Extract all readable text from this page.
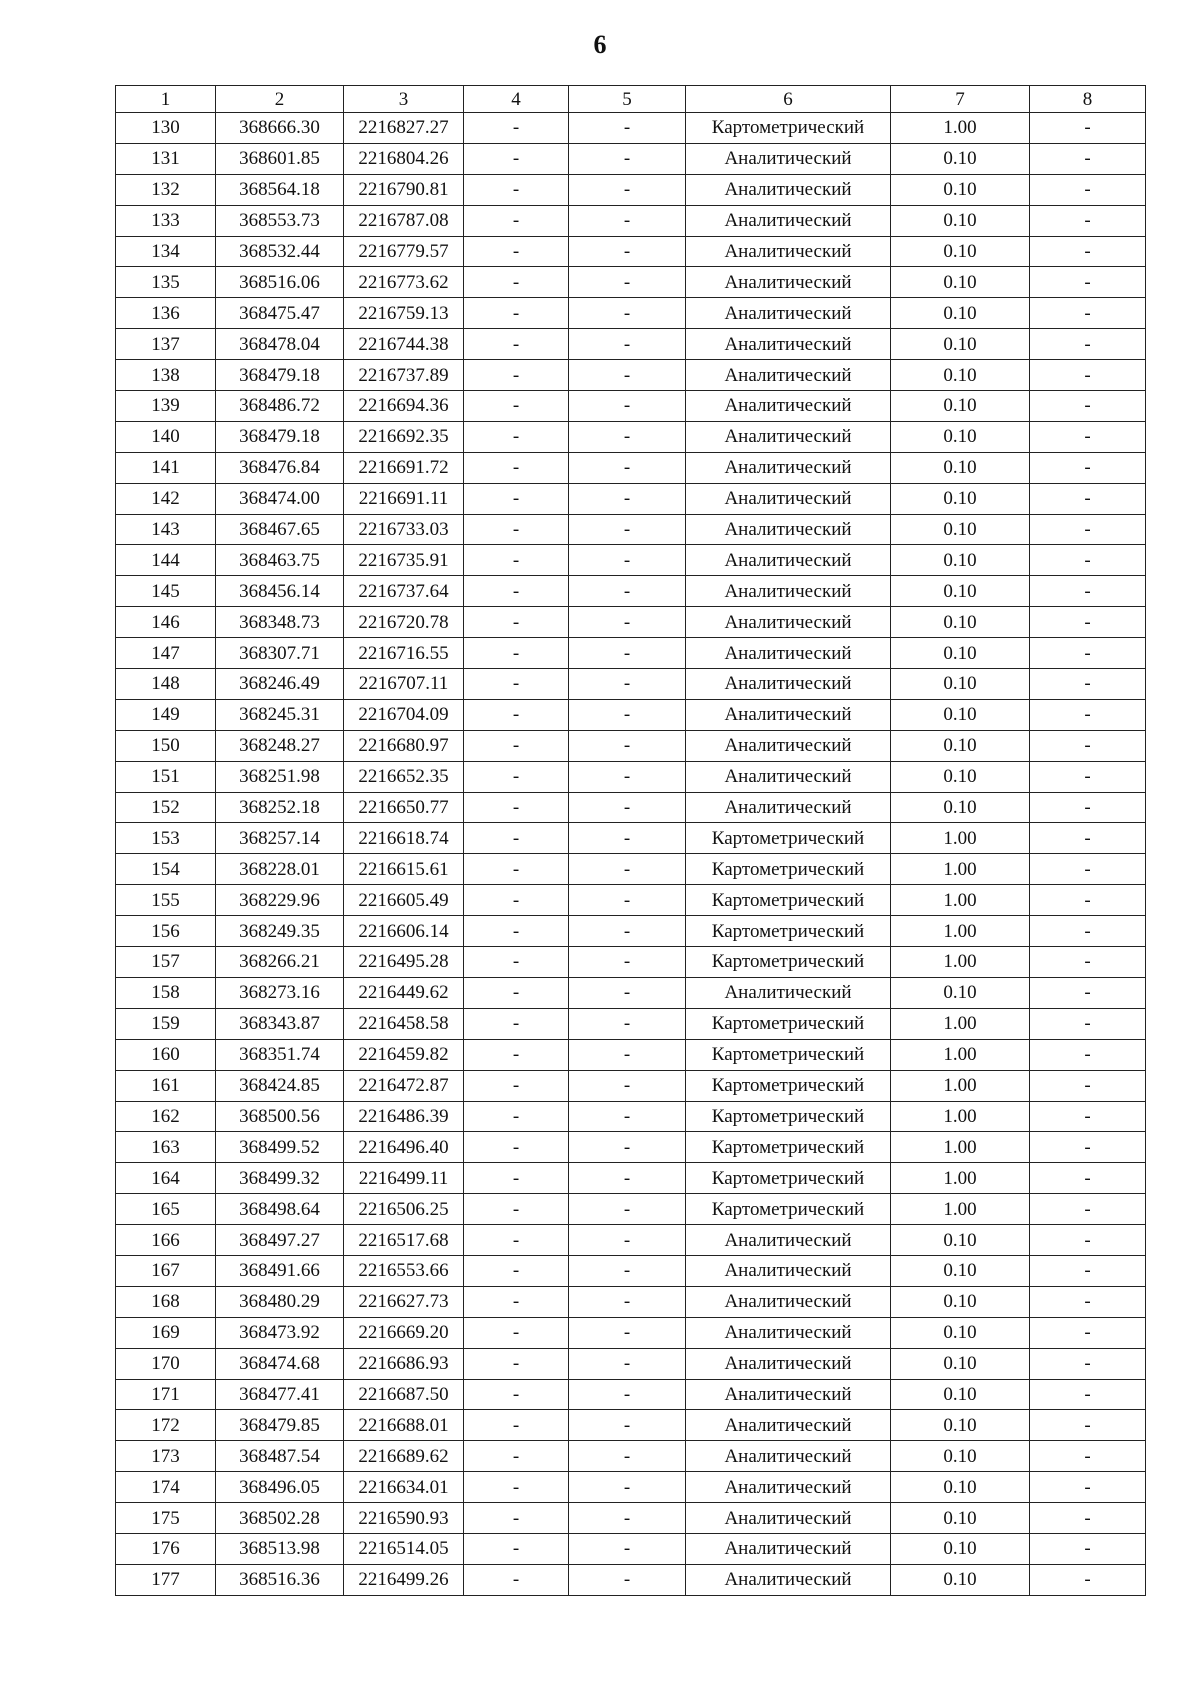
6
1	2	3	4	5	6	7	8
130	368666.30	2216827.27	-	-	Картометрический	1.00	-
131	368601.85	2216804.26	-	-	Аналитический	0.10	-
132	368564.18	2216790.81	-	-	Аналитический	0.10	-
133	368553.73	2216787.08	-	-	Аналитический	0.10	-
134	368532.44	2216779.57	-	-	Аналитический	0.10	-
135	368516.06	2216773.62	-	-	Аналитический	0.10	-
136	368475.47	2216759.13	-	-	Аналитический	0.10	-
137	368478.04	2216744.38	-	-	Аналитический	0.10	-
138	368479.18	2216737.89	-	-	Аналитический	0.10	-
139	368486.72	2216694.36	-	-	Аналитический	0.10	-
140	368479.18	2216692.35	-	-	Аналитический	0.10	-
141	368476.84	2216691.72	-	-	Аналитический	0.10	-
142	368474.00	2216691.11	-	-	Аналитический	0.10	-
143	368467.65	2216733.03	-	-	Аналитический	0.10	-
144	368463.75	2216735.91	-	-	Аналитический	0.10	-
145	368456.14	2216737.64	-	-	Аналитический	0.10	-
146	368348.73	2216720.78	-	-	Аналитический	0.10	-
147	368307.71	2216716.55	-	-	Аналитический	0.10	-
148	368246.49	2216707.11	-	-	Аналитический	0.10	-
149	368245.31	2216704.09	-	-	Аналитический	0.10	-
150	368248.27	2216680.97	-	-	Аналитический	0.10	-
151	368251.98	2216652.35	-	-	Аналитический	0.10	-
152	368252.18	2216650.77	-	-	Аналитический	0.10	-
153	368257.14	2216618.74	-	-	Картометрический	1.00	-
154	368228.01	2216615.61	-	-	Картометрический	1.00	-
155	368229.96	2216605.49	-	-	Картометрический	1.00	-
156	368249.35	2216606.14	-	-	Картометрический	1.00	-
157	368266.21	2216495.28	-	-	Картометрический	1.00	-
158	368273.16	2216449.62	-	-	Аналитический	0.10	-
159	368343.87	2216458.58	-	-	Картометрический	1.00	-
160	368351.74	2216459.82	-	-	Картометрический	1.00	-
161	368424.85	2216472.87	-	-	Картометрический	1.00	-
162	368500.56	2216486.39	-	-	Картометрический	1.00	-
163	368499.52	2216496.40	-	-	Картометрический	1.00	-
164	368499.32	2216499.11	-	-	Картометрический	1.00	-
165	368498.64	2216506.25	-	-	Картометрический	1.00	-
166	368497.27	2216517.68	-	-	Аналитический	0.10	-
167	368491.66	2216553.66	-	-	Аналитический	0.10	-
168	368480.29	2216627.73	-	-	Аналитический	0.10	-
169	368473.92	2216669.20	-	-	Аналитический	0.10	-
170	368474.68	2216686.93	-	-	Аналитический	0.10	-
171	368477.41	2216687.50	-	-	Аналитический	0.10	-
172	368479.85	2216688.01	-	-	Аналитический	0.10	-
173	368487.54	2216689.62	-	-	Аналитический	0.10	-
174	368496.05	2216634.01	-	-	Аналитический	0.10	-
175	368502.28	2216590.93	-	-	Аналитический	0.10	-
176	368513.98	2216514.05	-	-	Аналитический	0.10	-
177	368516.36	2216499.26	-	-	Аналитический	0.10	-
